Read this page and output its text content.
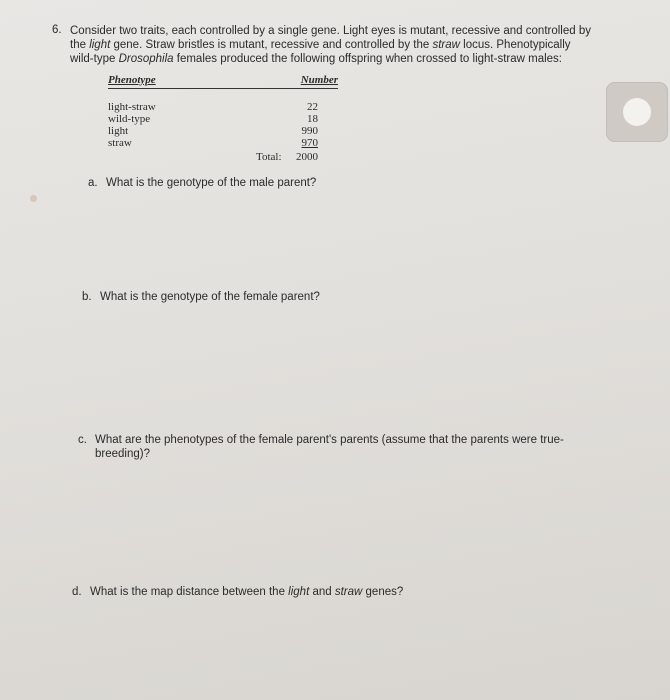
6. Consider two traits, each controlled by a single gene. Light eyes is mutant, recessive and controlled by
the light gene. Straw bristles is mutant, recessive and controlled by the straw locus. Phenotypically
wild-type Drosophila females produced the following offspring when crossed to light-straw males:
Phenotype	Number
light-straw	22
wild-type	18
light	990
straw	970
Total: 2000
a. What is the genotype of the male parent?
b. What is the genotype of the female parent?
c. What are the phenotypes of the female parent's parents (assume that the parents were true-
breeding)?
d. What is the map distance between the light and straw genes?
